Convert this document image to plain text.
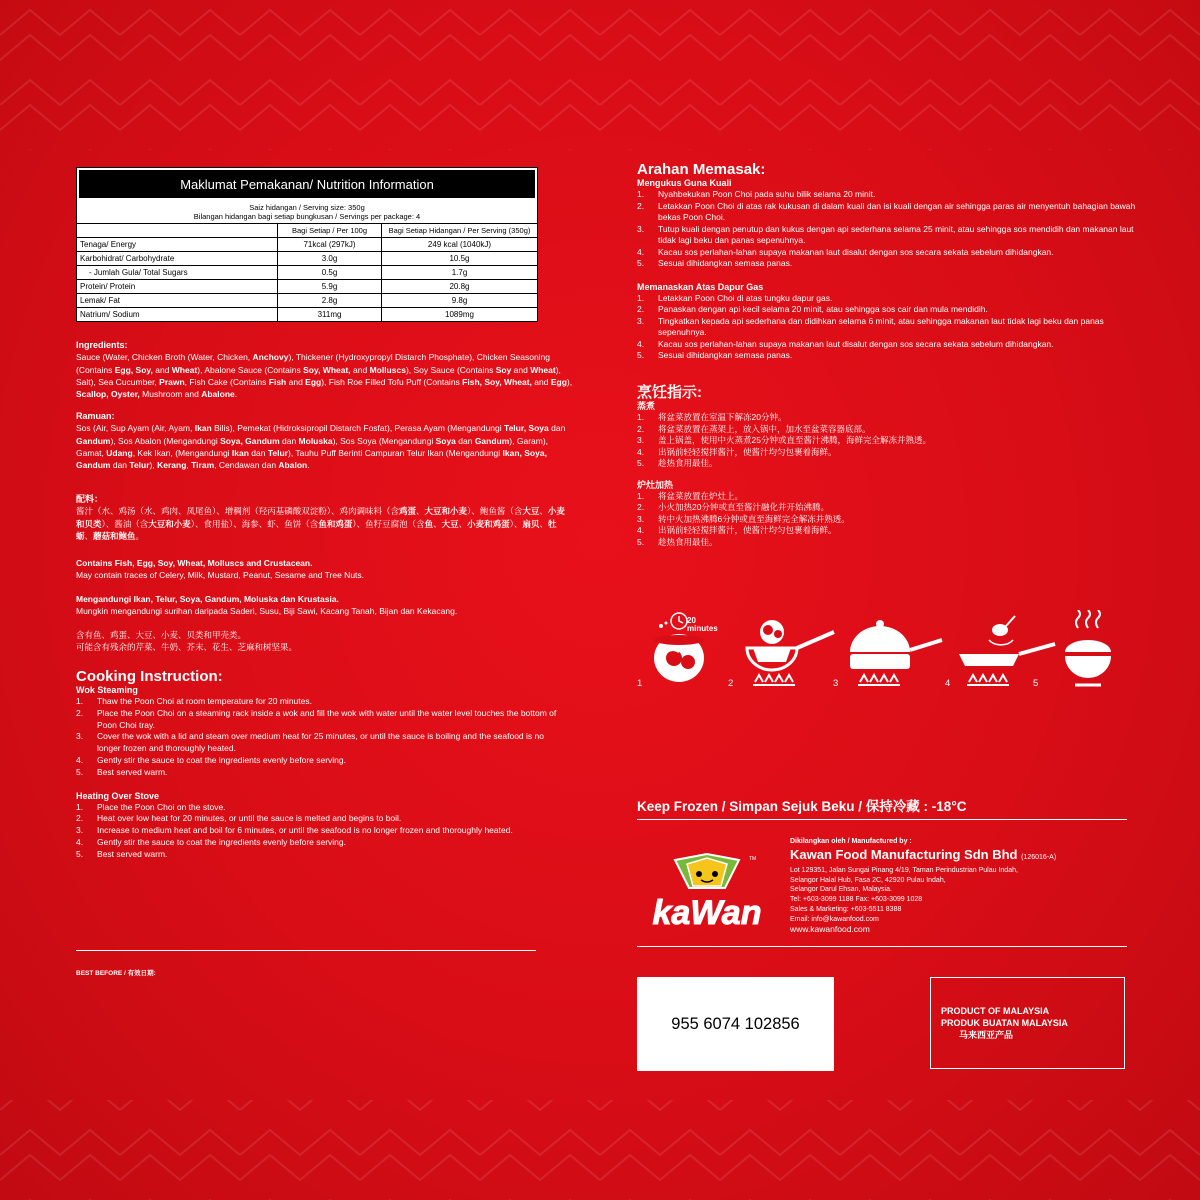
Maklumat Pemakanan/ Nutrition Information
Saiz hidangan / Serving size: 350g
Bilangan hidangan bagi setiap bungkusan / Servings per package: 4
	Bagi Setiap / Per 100g	Bagi Setiap Hidangan / Per Serving (350g)
Tenaga/ Energy	71kcal (297kJ)	249 kcal (1040kJ)
Karbohidrat/ Carbohydrate	3.0g	10.5g
- Jumlah Gula/ Total Sugars	0.5g	1.7g
Protein/ Protein	5.9g	20.8g
Lemak/ Fat	2.8g	9.8g
Natrium/ Sodium	311mg	1089mg
Ingredients:

Sauce (Water, Chicken Broth (Water, Chicken, Anchovy), Thickener (Hydroxypropyl Distarch Phosphate), Chicken Seasoning (Contains Egg, Soy, and Wheat), Abalone Sauce (Contains Soy, Wheat, and Molluscs), Soy Sauce (Contains Soy and Wheat), Salt), Sea Cucumber, Prawn, Fish Cake (Contains Fish and Egg), Fish Roe Filled Tofu Puff (Contains Fish, Soy, Wheat, and Egg), Scallop, Oyster, Mushroom and Abalone.

Ramuan:

Sos (Air, Sup Ayam (Air, Ayam, Ikan Bilis), Pemekat (Hidroksipropil Distarch Fosfat), Perasa Ayam (Mengandungi Telur, Soya dan Gandum), Sos Abalon (Mengandungi Soya, Gandum dan Moluska), Sos Soya (Mengandungi Soya dan Gandum), Garam), Gamat, Udang, Kek Ikan, (Mengandungi Ikan dan Telur), Tauhu Puff Berinti Campuran Telur Ikan (Mengandungi Ikan, Soya, Gandum dan Telur), Kerang, Tiram, Cendawan dan Abalon.

配料：

酱汁（水、鸡汤（水、鸡肉、凤尾鱼）、增稠剂（羟丙基磷酸双淀粉）、鸡肉调味料（含鸡蛋、大豆和小麦）、鲍鱼酱（含大豆、小麦和贝类）、酱油（含大豆和小麦）、食用盐）、海参、虾、鱼饼（含鱼和鸡蛋）、鱼籽豆腐泡（含鱼、大豆、小麦和鸡蛋）、扇贝、牡蛎、蘑菇和鲍鱼。

Contains Fish, Egg, Soy, Wheat, Molluscs and Crustacean.
May contain traces of Celery, Milk, Mustard, Peanut, Sesame and Tree Nuts.
Mengandungi Ikan, Telur, Soya, Gandum, Moluska dan Krustasia.
Mungkin mengandungi surihan daripada Saderi, Susu, Biji Sawi, Kacang Tanah, Bijan dan Kekacang.
含有鱼、鸡蛋、大豆、小麦、贝类和甲壳类。
可能含有残余的芹菜、牛奶、芥末、花生、芝麻和树坚果。
Cooking Instruction:
Wok Steaming
1.	Thaw the Poon Choi at room temperature for 20 minutes.
2.	Place the Poon Choi on a steaming rack inside a wok and fill the wok with water until the water level touches the bottom of Poon Choi tray.
3.	Cover the wok with a lid and steam over medium heat for 25 minutes, or until the sauce is boiling and the seafood is no longer frozen and thoroughly heated.
4.	Gently stir the sauce to coat the ingredients evenly before serving.
5.	Best served warm.
Heating Over Stove
1.	Place the Poon Choi on the stove.
2.	Heat over low heat for 20 minutes, or until the sauce is melted and begins to boil.
3.	Increase to medium heat and boil for 6 minutes, or until the seafood is no longer frozen and thoroughly heated.
4.	Gently stir the sauce to coat the ingredients evenly before serving.
5.	Best served warm.
Arahan Memasak:
Mengukus Guna Kuali
1.	Nyahbekukan Poon Choi pada suhu bilik selama 20 minit.
2.	Letakkan Poon Choi di atas rak kukusan di dalam kuali dan isi kuali dengan air sehingga paras air menyentuh bahagian bawah bekas Poon Choi.
3.	Tutup kuali dengan penutup dan kukus dengan api sederhana selama 25 minit, atau sehingga sos mendidih dan makanan laut tidak lagi beku dan panas sepenuhnya.
4.	Kacau sos perlahan-lahan supaya makanan laut disalut dengan sos secara sekata sebelum dihidangkan.
5.	Sesuai dihidangkan semasa panas.
Memanaskan Atas Dapur Gas
1.	Letakkan Poon Choi di atas tungku dapur gas.
2.	Panaskan dengan api kecil selama 20 minit, atau sehingga sos cair dan mula mendidih.
3.	Tingkatkan kepada api sederhana dan didihkan selama 6 minit, atau sehingga makanan laut tidak lagi beku dan panas sepenuhnya.
4.	Kacau sos perlahan-lahan supaya makanan laut disalut dengan sos secara sekata sebelum dihidangkan.
5.	Sesuai dihidangkan semasa panas.
烹饪指示:
蒸煮
1.	将盆菜放置在室温下解冻20分钟。
2.	将盆菜放置在蒸架上，放入锅中，加水至盆菜容器底部。
3.	盖上锅盖，使用中火蒸煮25分钟或直至酱汁沸腾，海鲜完全解冻并熟透。
4.	出锅前轻轻搅拌酱汁，使酱汁均匀包裹着海鲜。
5.	趁热食用最佳。
炉灶加热
1.	将盆菜放置在炉灶上。
2.	小火加热20分钟或直至酱汁融化并开始沸腾。
3.	转中火加热沸腾6分钟或直至海鲜完全解冻并熟透。
4.	出锅前轻轻搅拌酱汁，使酱汁均匀包裹着海鲜。
5.	趁热食用最佳。
20
minutes
1	2	3	4	5
BEST BEFORE / 有效日期:
Keep Frozen / Simpan Sejuk Beku / 保持冷藏 : -18°C
kaWan
TM
Dikilangkan oleh / Manufactured by :
Kawan Food Manufacturing Sdn Bhd (126016-A)
Lot 129351, Jalan Sungai Pinang 4/19, Taman Perindustrian Pulau Indah,
Selangor Halal Hub, Fasa 2C, 42920 Pulau Indah,
Selangor Darul Ehsan, Malaysia.
Tel: +603-3099 1188 Fax: +603-3099 1028
Sales & Marketing: +603-5511 8388
Email: info@kawanfood.com
www.kawanfood.com
955 6074 102856
PRODUCT OF MALAYSIA
PRODUK BUATAN MALAYSIA
马来西亚产品
